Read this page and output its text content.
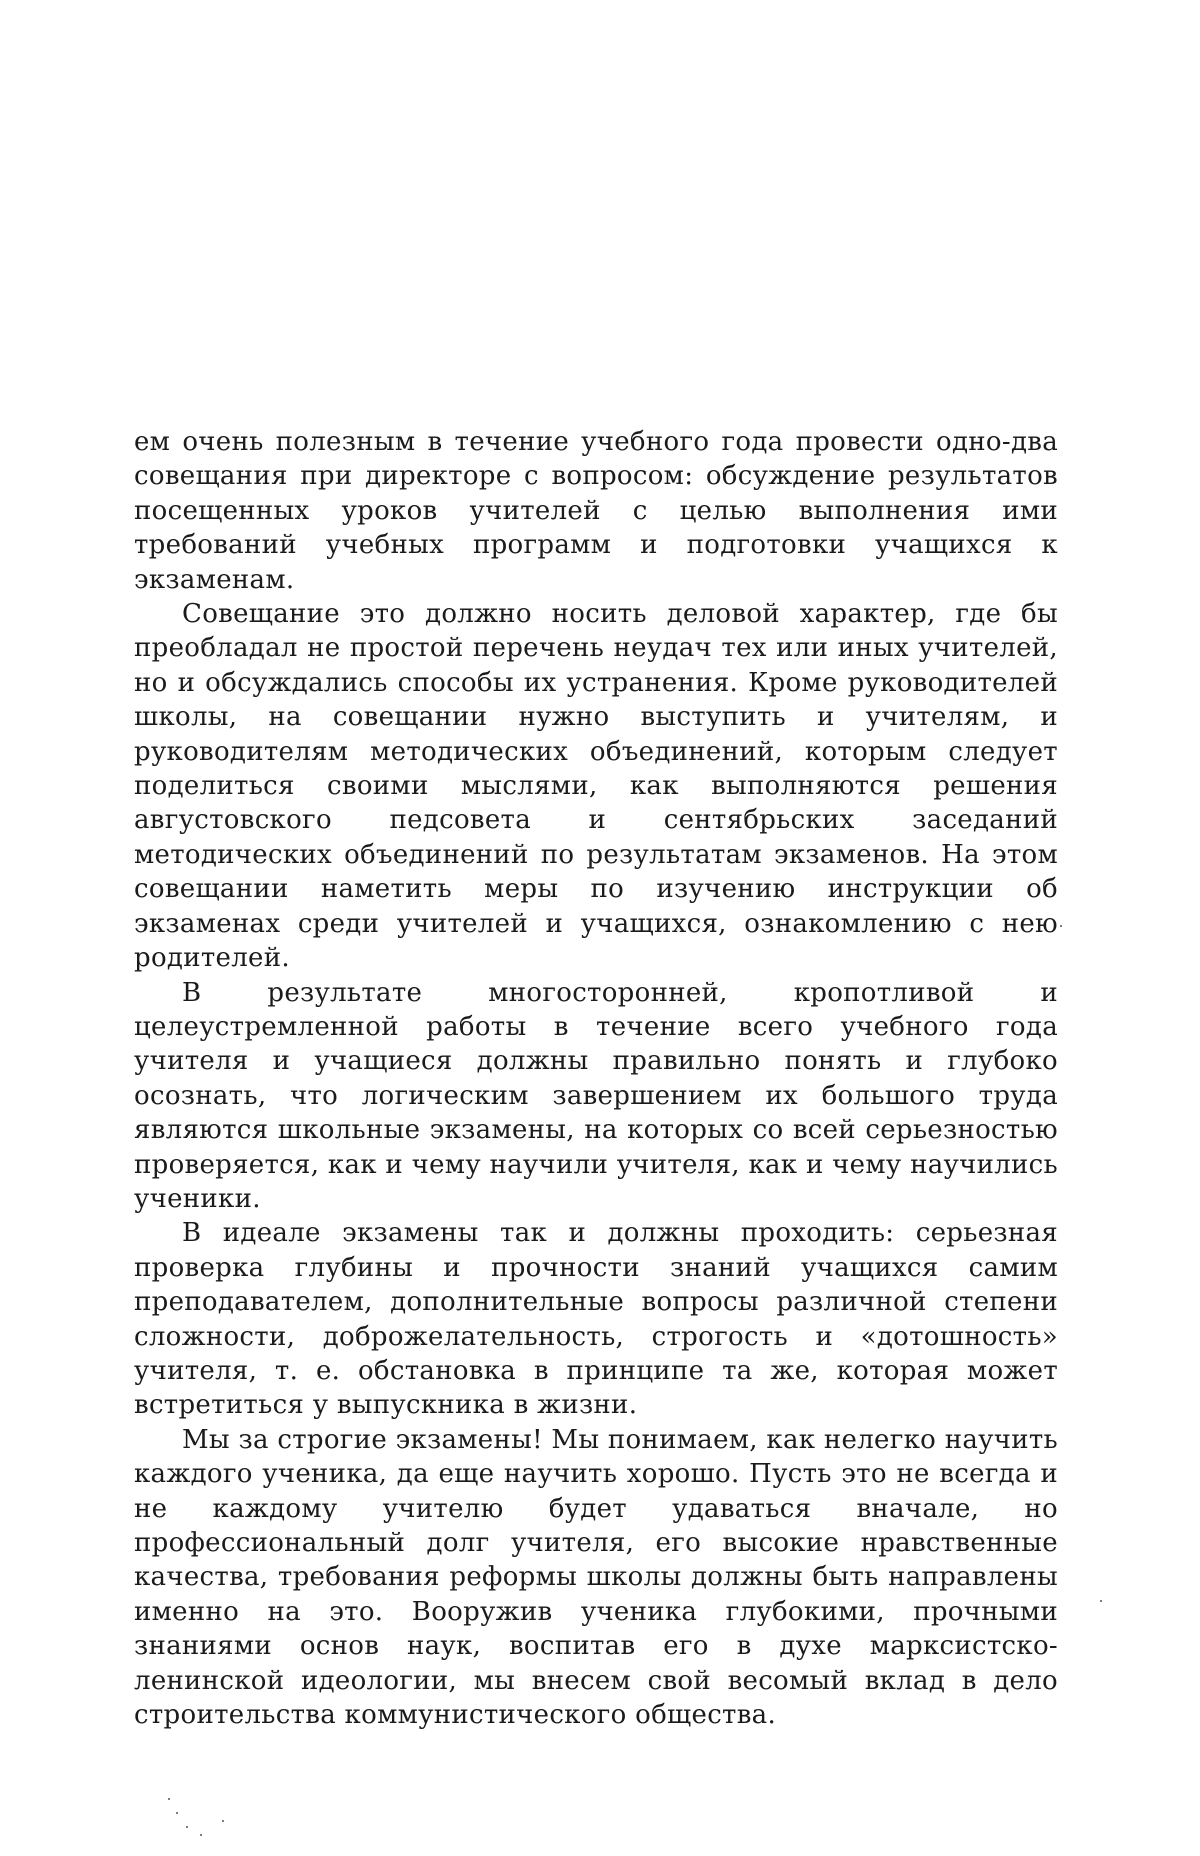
ем очень полезным в течение учебного года провести одно-два совещания при директоре с вопросом: обсуждение результатов посещенных уроков учителей с целью выполнения ими требований учебных программ и подготовки учащихся к экзаменам.

Совещание это должно носить деловой характер, где бы преобладал не простой перечень неудач тех или иных учителей, но и обсуждались способы их устранения. Кроме руководителей школы, на совещании нужно выступить и учителям, и руководителям методических объединений, которым следует поделиться своими мыслями, как выполняются решения августовского педсовета и сентябрьских заседаний методических объединений по результатам экзаменов. На этом совещании наметить меры по изучению инструкции об экзаменах среди учителей и учащихся, ознакомлению с нею родителей.

В результате многосторонней, кропотливой и целеустремленной работы в течение всего учебного года учителя и учащиеся должны правильно понять и глубоко осознать, что логическим завершением их большого труда являются школьные экзамены, на которых со всей серьезностью проверяется, как и чему научили учителя, как и чему научились ученики.

В идеале экзамены так и должны проходить: серьезная проверка глубины и прочности знаний учащихся самим преподавателем, дополнительные вопросы различной степени сложности, доброжелательность, строгость и «дотошность» учителя, т. е. обстановка в принципе та же, которая может встретиться у выпускника в жизни.

Мы за строгие экзамены! Мы понимаем, как нелегко научить каждого ученика, да еще научить хорошо. Пусть это не всегда и не каждому учителю будет удаваться вначале, но профессиональный долг учителя, его высокие нравственные качества, требования реформы школы должны быть направлены именно на это. Вооружив ученика глубокими, прочными знаниями основ наук, воспитав его в духе марксистско-ленинской идеологии, мы внесем свой весомый вклад в дело строительства коммунистического общества.
